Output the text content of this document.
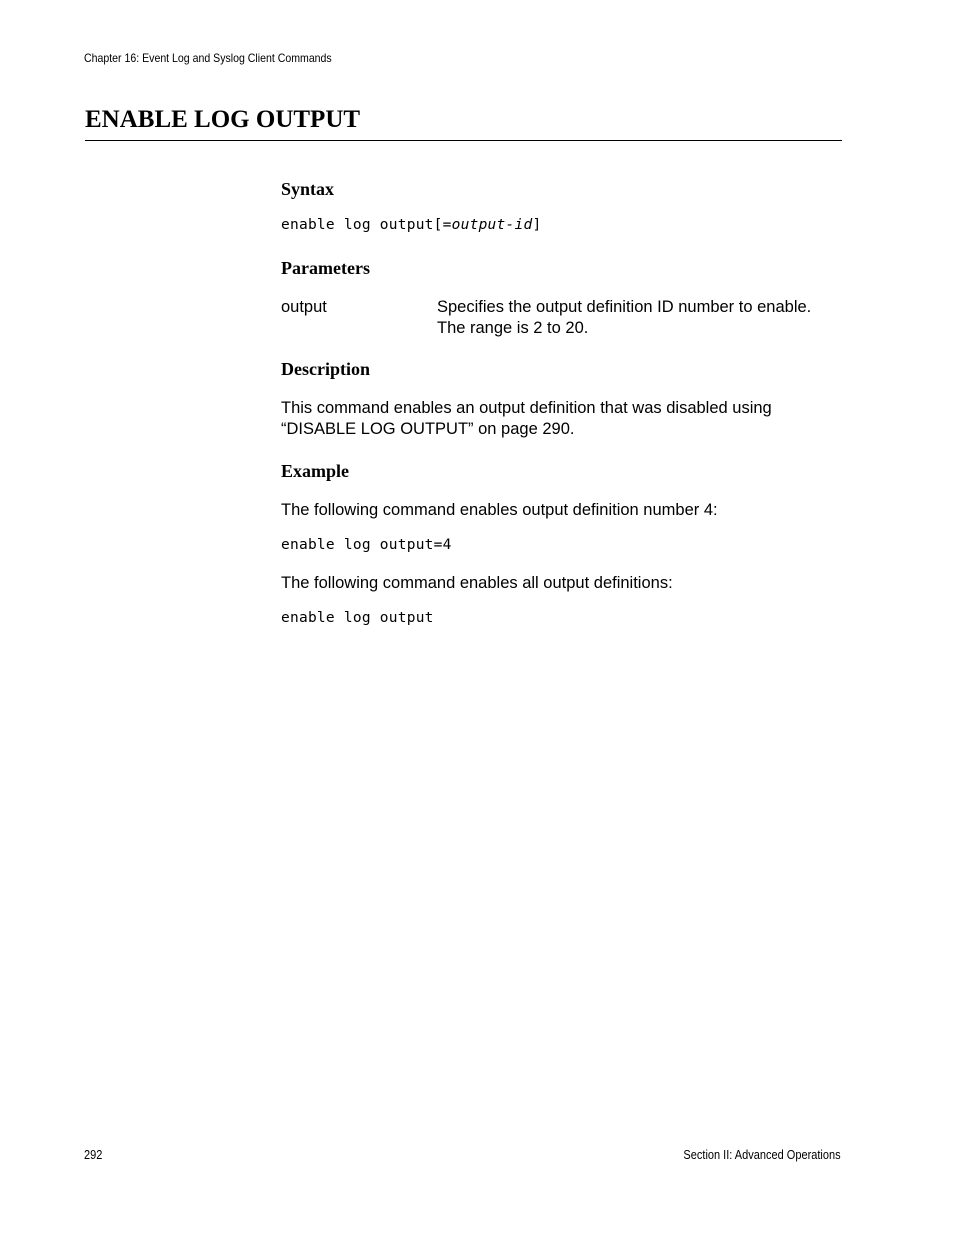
Chapter 16: Event Log and Syslog Client Commands
ENABLE LOG OUTPUT
Syntax
enable log output[=output-id]
Parameters
output	Specifies the output definition ID number to enable.
The range is 2 to 20.
Description
This command enables an output definition that was disabled using
“DISABLE LOG OUTPUT” on page 290.
Example
The following command enables output definition number 4:
enable log output=4
The following command enables all output definitions:
enable log output
292	Section II: Advanced Operations
